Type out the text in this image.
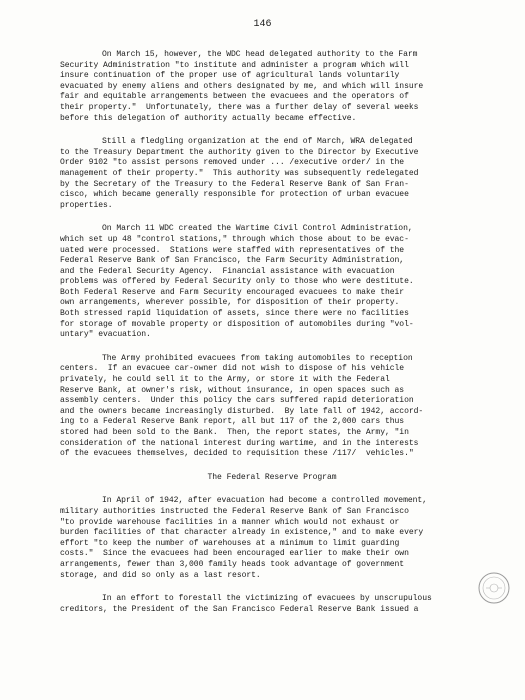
146
On March 15, however, the WDC head delegated authority to the Farm
Security Administration "to institute and administer a program which will
insure continuation of the proper use of agricultural lands voluntarily
evacuated by enemy aliens and others designated by me, and which will insure
fair and equitable arrangements between the evacuees and the operators of
their property."  Unfortunately, there was a further delay of several weeks
before this delegation of authority actually became effective.
Still a fledgling organization at the end of March, WRA delegated
to the Treasury Department the authority given to the Director by Executive
Order 9102 "to assist persons removed under ... /executive order/ in the
management of their property."  This authority was subsequently redelegated
by the Secretary of the Treasury to the Federal Reserve Bank of San Fran-
cisco, which became generally responsible for protection of urban evacuee
properties.
On March 11 WDC created the Wartime Civil Control Administration,
which set up 48 "control stations," through which those about to be evac-
uated were processed.  Stations were staffed with representatives of the
Federal Reserve Bank of San Francisco, the Farm Security Administration,
and the Federal Security Agency.  Financial assistance with evacuation
problems was offered by Federal Security only to those who were destitute.
Both Federal Reserve and Farm Security encouraged evacuees to make their
own arrangements, wherever possible, for disposition of their property.
Both stressed rapid liquidation of assets, since there were no facilities
for storage of movable property or disposition of automobiles during "vol-
untary" evacuation.
The Army prohibited evacuees from taking automobiles to reception
centers.  If an evacuee car-owner did not wish to dispose of his vehicle
privately, he could sell it to the Army, or store it with the Federal
Reserve Bank, at owner's risk, without insurance, in open spaces such as
assembly centers.  Under this policy the cars suffered rapid deterioration
and the owners became increasingly disturbed.  By late fall of 1942, accord-
ing to a Federal Reserve Bank report, all but 117 of the 2,000 cars thus
stored had been sold to the Bank.  Then, the report states, the Army, "in
consideration of the national interest during wartime, and in the interests
of the evacuees themselves, decided to requisition these /117/  vehicles."
The Federal Reserve Program
In April of 1942, after evacuation had become a controlled movement,
military authorities instructed the Federal Reserve Bank of San Francisco
"to provide warehouse facilities in a manner which would not exhaust or
burden facilities of that character already in existence," and to make every
effort "to keep the number of warehouses at a minimum to limit guarding
costs."  Since the evacuees had been encouraged earlier to make their own
arrangements, fewer than 3,000 family heads took advantage of government
storage, and did so only as a last resort.
In an effort to forestall the victimizing of evacuees by unscrupulous
creditors, the President of the San Francisco Federal Reserve Bank issued a
